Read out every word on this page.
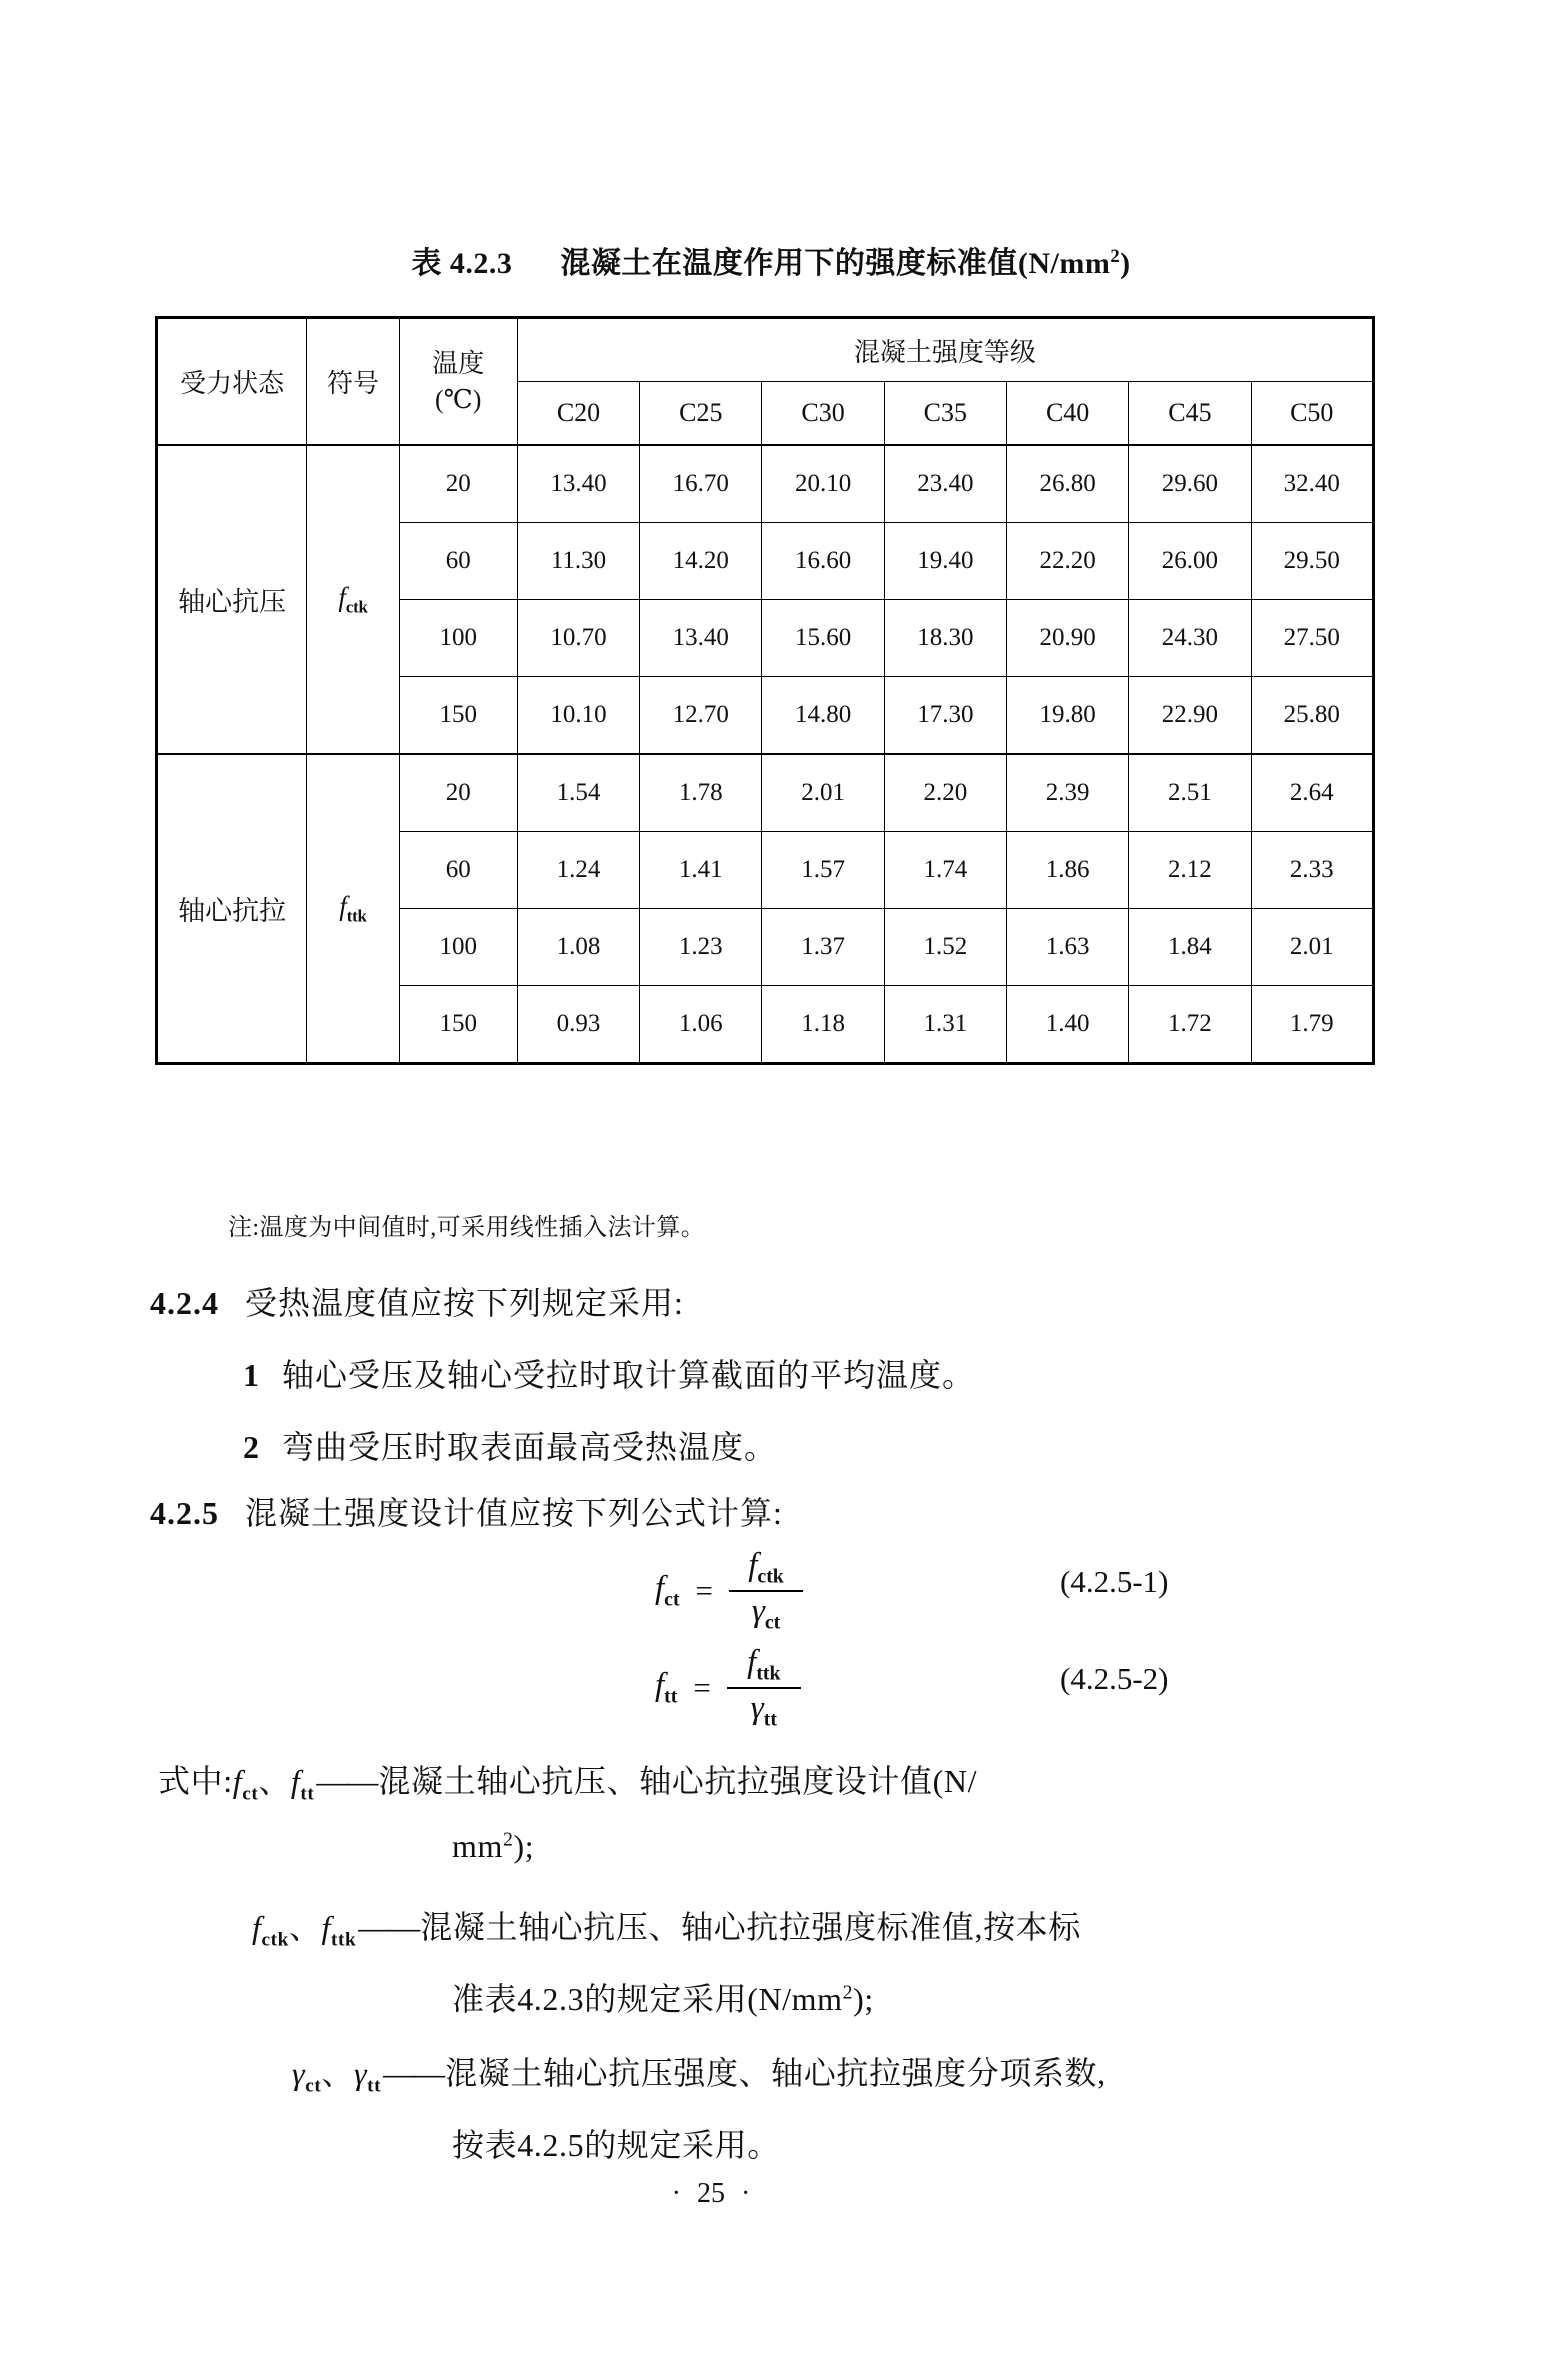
表 4.2.3 混凝土在温度作用下的强度标准值$(N/mm^2)$
受力状态	符号	温度
(℃)	混凝土强度等级						
			C20	C25	C30	C35	C40	C45	C50
轴心抗压	$f_{ctk}$	20	13.40	16.70	20.10	23.40	26.80	29.60	32.40
		60	11.30	14.20	16.60	19.40	22.20	26.00	29.50
		100	10.70	13.40	15.60	18.30	20.90	24.30	27.50
		150	10.10	12.70	14.80	17.30	19.80	22.90	25.80
轴心抗拉	$f_{ttk}$	20	1.54	1.78	2.01	2.20	2.39	2.51	2.64
		60	1.24	1.41	1.57	1.74	1.86	2.12	2.33
		100	1.08	1.23	1.37	1.52	1.63	1.84	2.01
		150	0.93	1.06	1.18	1.31	1.40	1.72	1.79
注:温度为中间值时,可采用线性插入法计算。
4.2.4 受热温度值应按下列规定采用:
1 轴心受压及轴心受拉时取计算截面的平均温度。
2 弯曲受压时取表面最高受热温度。
4.2.5 混凝土强度设计值应按下列公式计算:
$f_{ct} = \frac{f_{ctk}}{\gamma_{ct}}$	(4.2.5-1)
$f_{tt} = \frac{f_{ttk}}{\gamma_{tt}}$	(4.2.5-2)
式中$:f_{ct}$、$f_{tt}——$混凝土轴心抗压、轴心抗拉强度设计值(N/
$mm^2$);
$f_{ctk}$、$f_{ttk}——$混凝土轴心抗压、轴心抗拉强度标准值,按本标
准表4.2.3的规定采用$(N/mm^2)$;
$\gamma_{ct}$、$\gamma_{tt}——$混凝土轴心抗压强度、轴心抗拉强度分项系数,
按表4.2.5的规定采用。
· 25 ·
